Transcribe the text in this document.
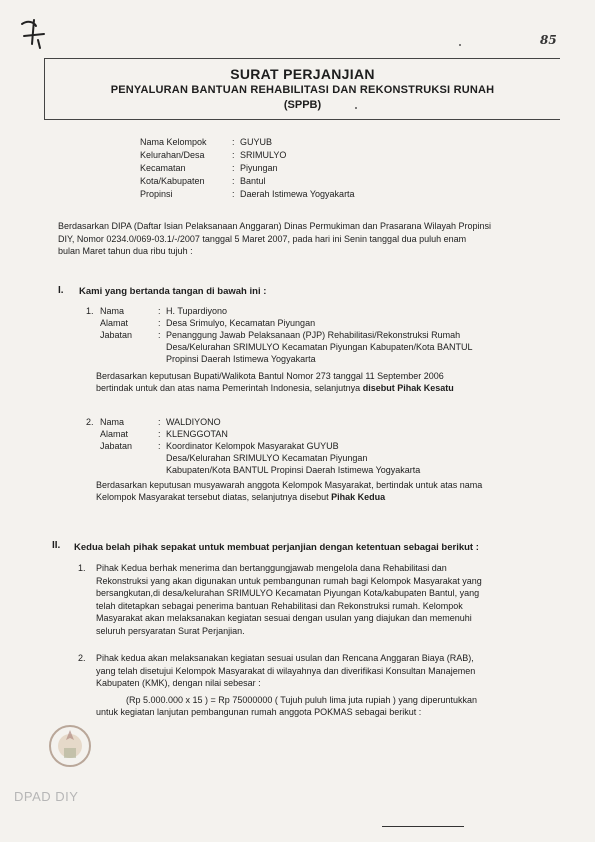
85
SURAT PERJANJIAN
PENYALURAN BANTUAN REHABILITASI DAN REKONSTRUKSI RUNAH
(SPPB)
Nama Kelompok	: GUYUB
Kelurahan/Desa	: SRIMULYO
Kecamatan	: Piyungan
Kota/Kabupaten	: Bantul
Propinsi	: Daerah Istimewa Yogyakarta
Berdasarkan DIPA (Daftar Isian Pelaksanaan Anggaran) Dinas Permukiman dan Prasarana Wilayah Propinsi
DIY, Nomor 0234.0/069-03.1/-/2007 tanggal 5 Maret 2007, pada hari ini Senin tanggal dua puluh enam
bulan Maret tahun dua ribu tujuh :
I. Kami yang bertanda tangan di bawah ini :
1. Nama	: H. Tupardiyono
Alamat	: Desa Srimulyo, Kecamatan Piyungan
Jabatan	: Penanggung Jawab Pelaksanaan (PJP) Rehabilitasi/Rekonstruksi Rumah
Desa/Kelurahan SRIMULYO Kecamatan Piyungan Kabupaten/Kota BANTUL
Propinsi Daerah Istimewa Yogyakarta
Berdasarkan keputusan Bupati/Walikota Bantul Nomor 273 tanggal 11 September 2006
bertindak untuk dan atas nama Pemerintah Indonesia, selanjutnya disebut Pihak Kesatu
2. Nama	: WALDIYONO
Alamat	: KLENGGOTAN
Jabatan	: Koordinator Kelompok Masyarakat GUYUB
Desa/Kelurahan SRIMULYO Kecamatan Piyungan
Kabupaten/Kota BANTUL Propinsi Daerah Istimewa Yogyakarta
Berdasarkan keputusan musyawarah anggota Kelompok Masyarakat, bertindak untuk atas nama
Kelompok Masyarakat tersebut diatas, selanjutnya disebut Pihak Kedua
II. Kedua belah pihak sepakat untuk membuat perjanjian dengan ketentuan sebagai berikut :
1. Pihak Kedua berhak menerima dan bertanggungjawab mengelola dana Rehabilitasi dan
Rekonstruksi yang akan digunakan untuk pembangunan rumah bagi Kelompok Masyarakat yang
bersangkutan,di desa/kelurahan SRIMULYO Kecamatan Piyungan Kota/kabupaten Bantul, yang
telah ditetapkan sebagai penerima bantuan Rehabilitasi dan Rekonstruksi rumah. Kelompok
Masyarakat akan melaksanakan kegiatan sesuai dengan usulan yang diajukan dan memenuhi
seluruh persyaratan Surat Perjanjian.
2. Pihak kedua akan melaksanakan kegiatan sesuai usulan dan Rencana Anggaran Biaya (RAB),
yang telah disetujui Kelompok Masyarakat di wilayahnya dan diverifikasi Konsultan Manajemen
Kabupaten (KMK), dengan nilai sebesar :
(Rp 5.000.000 x 15 ) = Rp 75000000 ( Tujuh puluh lima juta rupiah ) yang diperuntukkan
untuk kegiatan lanjutan pembangunan rumah anggota POKMAS sebagai berikut :
DPAD DIY
